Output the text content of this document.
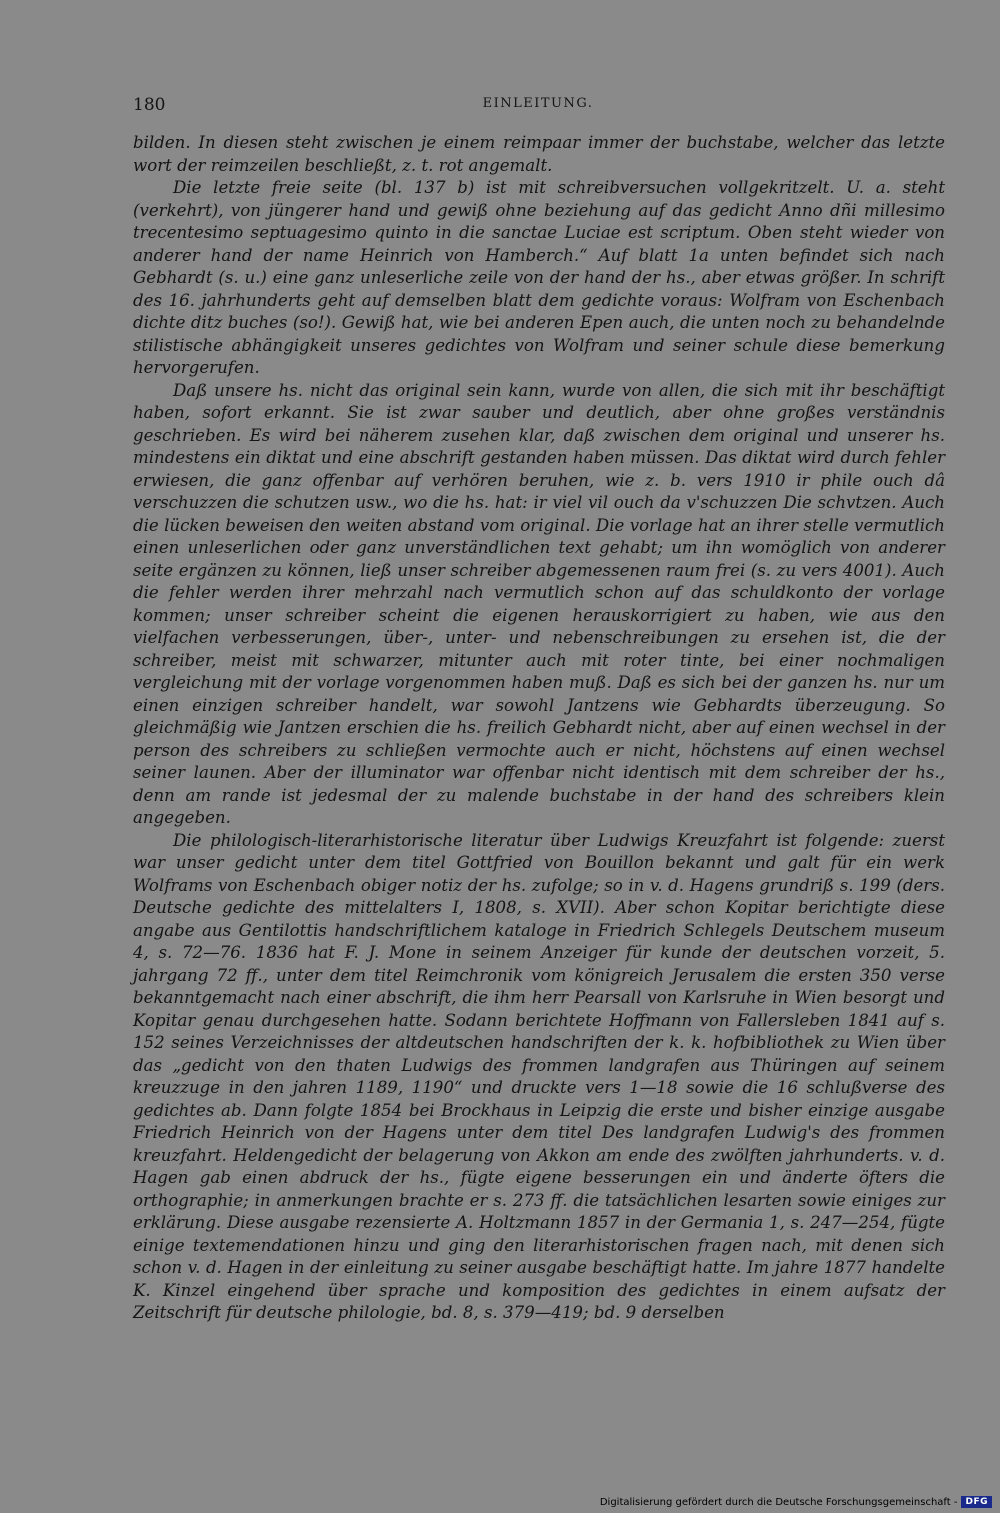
180	EINLEITUNG.

bilden. In diesen steht zwischen je einem reimpaar immer der buchstabe, welcher das letzte wort der reimzeilen beschließt, z. t. rot angemalt.

Die letzte freie seite (bl. 137 b) ist mit schreibversuchen vollgekritzelt. U. a. steht (verkehrt), von jüngerer hand und gewiß ohne beziehung auf das gedicht Anno dñi millesimo trecentesimo septuagesimo quinto in die sanctae Luciae est scriptum. Oben steht wieder von anderer hand der name Heinrich von Hamberch.“ Auf blatt 1a unten befindet sich nach Gebhardt (s. u.) eine ganz unleserliche zeile von der hand der hs., aber etwas größer. In schrift des 16. jahrhunderts geht auf demselben blatt dem gedichte voraus: Wolfram von Eschenbach dichte ditz buches (so!). Gewiß hat, wie bei anderen Epen auch, die unten noch zu behandelnde stilistische abhängigkeit unseres gedichtes von Wolfram und seiner schule diese bemerkung hervorgerufen.

Daß unsere hs. nicht das original sein kann, wurde von allen, die sich mit ihr beschäftigt haben, sofort erkannt. Sie ist zwar sauber und deutlich, aber ohne großes verständnis geschrieben. Es wird bei näherem zusehen klar, daß zwischen dem original und unserer hs. mindestens ein diktat und eine abschrift gestanden haben müssen. Das diktat wird durch fehler erwiesen, die ganz offenbar auf verhören beruhen, wie z. b. vers 1910 ir phile ouch dâ verschuzzen die schutzen usw., wo die hs. hat: ir viel vil ouch da v'schuzzen Die schvtzen. Auch die lücken beweisen den weiten abstand vom original. Die vorlage hat an ihrer stelle vermutlich einen unleserlichen oder ganz unverständlichen text gehabt; um ihn womöglich von anderer seite ergänzen zu können, ließ unser schreiber abgemessenen raum frei (s. zu vers 4001). Auch die fehler werden ihrer mehrzahl nach vermutlich schon auf das schuldkonto der vorlage kommen; unser schreiber scheint die eigenen herauskorrigiert zu haben, wie aus den vielfachen verbesserungen, über-, unter- und nebenschreibungen zu ersehen ist, die der schreiber, meist mit schwarzer, mitunter auch mit roter tinte, bei einer nochmaligen vergleichung mit der vorlage vorgenommen haben muß. Daß es sich bei der ganzen hs. nur um einen einzigen schreiber handelt, war sowohl Jantzens wie Gebhardts überzeugung. So gleichmäßig wie Jantzen erschien die hs. freilich Gebhardt nicht, aber auf einen wechsel in der person des schreibers zu schließen vermochte auch er nicht, höchstens auf einen wechsel seiner launen. Aber der illuminator war offenbar nicht identisch mit dem schreiber der hs., denn am rande ist jedesmal der zu malende buchstabe in der hand des schreibers klein angegeben.

Die philologisch-literarhistorische literatur über Ludwigs Kreuzfahrt ist folgende: zuerst war unser gedicht unter dem titel Gottfried von Bouillon bekannt und galt für ein werk Wolframs von Eschenbach obiger notiz der hs. zufolge; so in v. d. Hagens grundriß s. 199 (ders. Deutsche gedichte des mittelalters I, 1808, s. XVII). Aber schon Kopitar berichtigte diese angabe aus Gentilottis handschriftlichem kataloge in Friedrich Schlegels Deutschem museum 4, s. 72—76. 1836 hat F. J. Mone in seinem Anzeiger für kunde der deutschen vorzeit, 5. jahrgang 72 ff., unter dem titel Reimchronik vom königreich Jerusalem die ersten 350 verse bekanntgemacht nach einer abschrift, die ihm herr Pearsall von Karlsruhe in Wien besorgt und Kopitar genau durchgesehen hatte. Sodann berichtete Hoffmann von Fallersleben 1841 auf s. 152 seines Verzeichnisses der altdeutschen handschriften der k. k. hofbibliothek zu Wien über das „gedicht von den thaten Ludwigs des frommen landgrafen aus Thüringen auf seinem kreuzzuge in den jahren 1189, 1190“ und druckte vers 1—18 sowie die 16 schlußverse des gedichtes ab. Dann folgte 1854 bei Brockhaus in Leipzig die erste und bisher einzige ausgabe Friedrich Heinrich von der Hagens unter dem titel Des landgrafen Ludwig's des frommen kreuzfahrt. Heldengedicht der belagerung von Akkon am ende des zwölften jahrhunderts. v. d. Hagen gab einen abdruck der hs., fügte eigene besserungen ein und änderte öfters die orthographie; in anmerkungen brachte er s. 273 ff. die tatsächlichen lesarten sowie einiges zur erklärung. Diese ausgabe rezensierte A. Holtzmann 1857 in der Germania 1, s. 247—254, fügte einige textemendationen hinzu und ging den literarhistorischen fragen nach, mit denen sich schon v. d. Hagen in der einleitung zu seiner ausgabe beschäftigt hatte. Im jahre 1877 handelte K. Kinzel eingehend über sprache und komposition des gedichtes in einem aufsatz der Zeitschrift für deutsche philologie, bd. 8, s. 379—419; bd. 9 derselben

Digitalisierung gefördert durch die Deutsche Forschungsgemeinschaft - DFG
